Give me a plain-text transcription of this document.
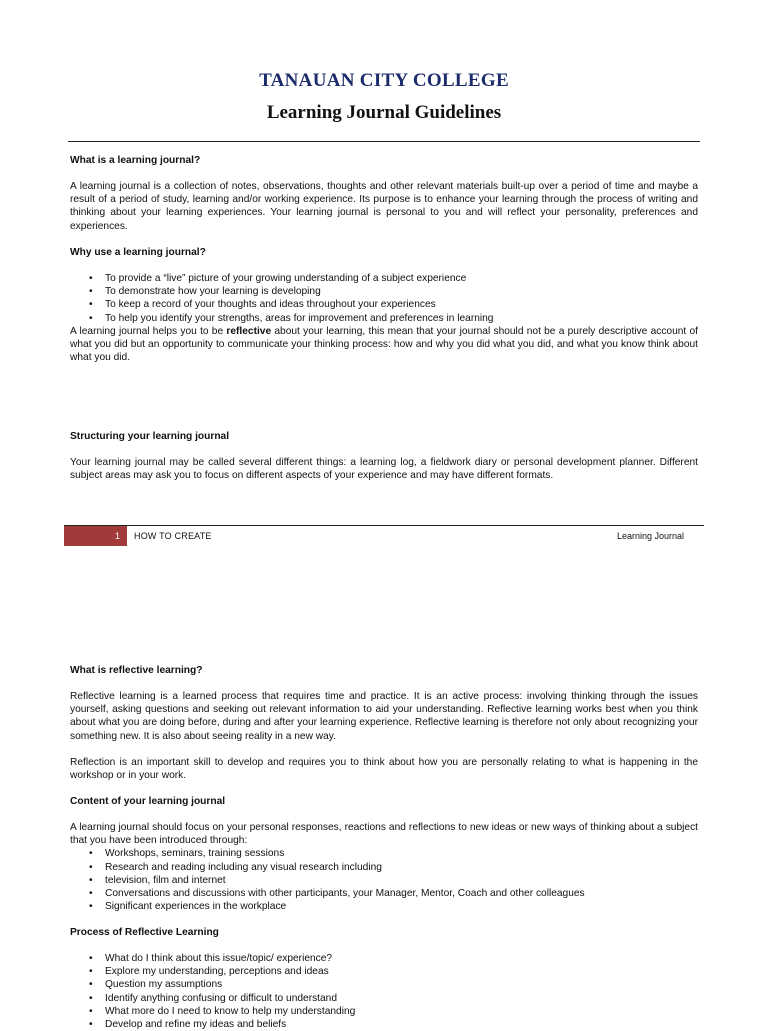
TANAUAN CITY COLLEGE
Learning Journal Guidelines
What is a learning journal?

A learning journal is a collection of notes, observations, thoughts and other relevant materials built-up over a period of time and maybe a result of a period of study, learning and/or working experience. Its purpose is to enhance your learning through the process of writing and thinking about your learning experiences. Your learning journal is personal to you and will reflect your personality, preferences and experiences.

Why use a learning journal?
• To provide a “live” picture of your growing understanding of a subject experience
• To demonstrate how your learning is developing
• To keep a record of your thoughts and ideas throughout your experiences
• To help you identify your strengths, areas for improvement and preferences in learning

A learning journal helps you to be reflective about your learning, this mean that your journal should not be a purely descriptive account of what you did but an opportunity to communicate your thinking process: how and why you did what you did, and what you know think about what you did.

Structuring your learning journal

Your learning journal may be called several different things: a learning log, a fieldwork diary or personal development planner. Different subject areas may ask you to focus on different aspects of your experience and may have different formats.

1	HOW TO CREATE	Learning Journal
What is reflective learning?

Reflective learning is a learned process that requires time and practice. It is an active process: involving thinking through the issues yourself, asking questions and seeking out relevant information to aid your understanding. Reflective learning works best when you think about what you are doing before, during and after your learning experience. Reflective learning is therefore not only about recognizing your something new. It is also about seeing reality in a new way.

Reflection is an important skill to develop and requires you to think about how you are personally relating to what is happening in the workshop or in your work.

Content of your learning journal

A learning journal should focus on your personal responses, reactions and reflections to new ideas or new ways of thinking about a subject that you have been introduced through:

• Workshops, seminars, training sessions
• Research and reading including any visual research including
• television, film and internet
• Conversations and discussions with other participants, your Manager, Mentor, Coach and other colleagues
• Significant experiences in the workplace
Process of Reflective Learning
• What do I think about this issue/topic/ experience?
• Explore my understanding, perceptions and ideas
• Question my assumptions
• Identify anything confusing or difficult to understand
• What more do I need to know to help my understanding
• Develop and refine my ideas and beliefs
